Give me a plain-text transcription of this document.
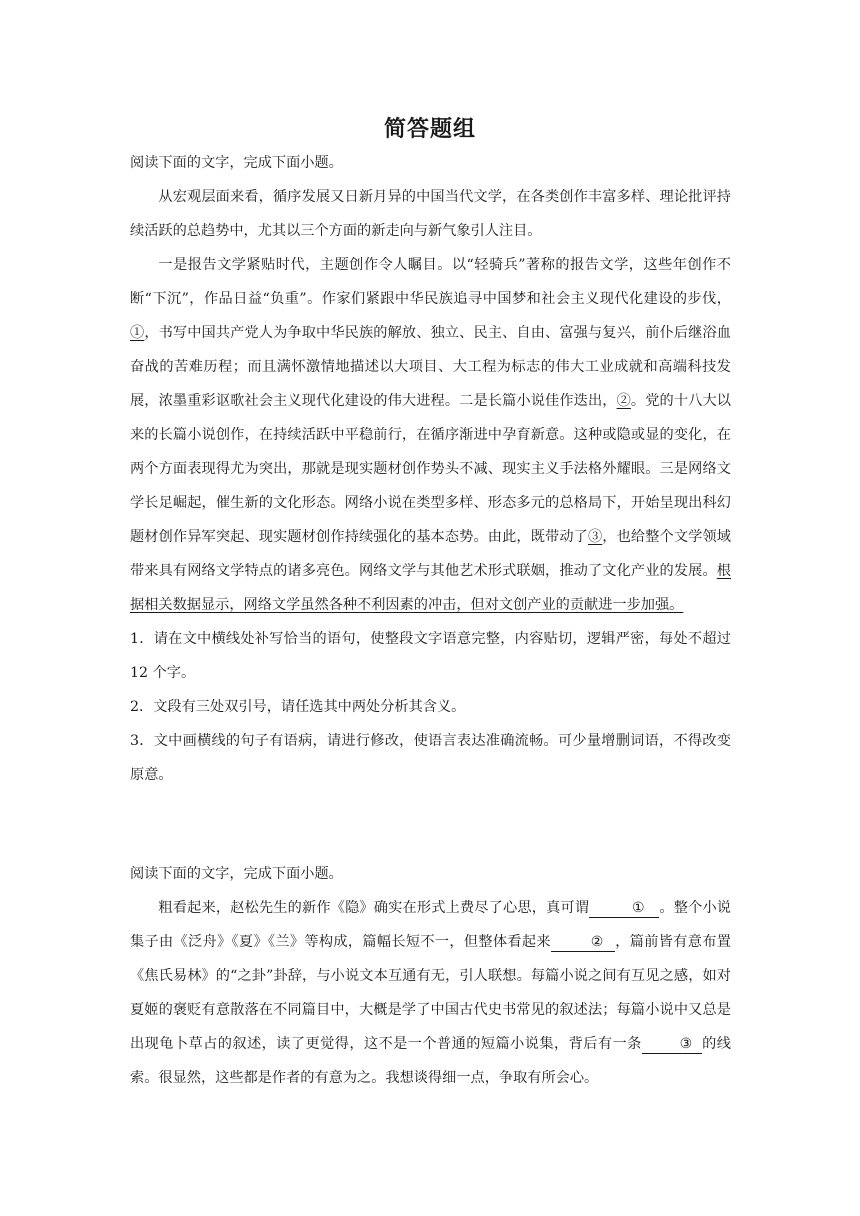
简答题组

阅读下面的文字，完成下面小题。

从宏观层面来看，循序发展又日新月异的中国当代文学，在各类创作丰富多样、理论批评持续活跃的总趋势中，尤其以三个方面的新走向与新气象引人注目。

一是报告文学紧贴时代，主题创作令人瞩目。以“轻骑兵”著称的报告文学，这些年创作不断“下沉”，作品日益“负重”。作家们紧跟中华民族追寻中国梦和社会主义现代化建设的步伐，①，书写中国共产党人为争取中华民族的解放、独立、民主、自由、富强与复兴，前仆后继浴血奋战的苦难历程；而且满怀激情地描述以大项目、大工程为标志的伟大工业成就和高端科技发展，浓墨重彩讴歌社会主义现代化建设的伟大进程。二是长篇小说佳作迭出，②。党的十八大以来的长篇小说创作，在持续活跃中平稳前行，在循序渐进中孕育新意。这种或隐或显的变化，在两个方面表现得尤为突出，那就是现实题材创作势头不减、现实主义手法格外耀眼。三是网络文学长足崛起，催生新的文化形态。网络小说在类型多样、形态多元的总格局下，开始呈现出科幻题材创作异军突起、现实题材创作持续强化的基本态势。由此，既带动了③，也给整个文学领域带来具有网络文学特点的诸多亮色。网络文学与其他艺术形式联姻，推动了文化产业的发展。根据相关数据显示，网络文学虽然各种不利因素的冲击，但对文创产业的贡献进一步加强。

1．请在文中横线处补写恰当的语句，使整段文字语意完整，内容贴切，逻辑严密，每处不超过 12 个字。

2．文段有三处双引号，请任选其中两处分析其含义。

3．文中画横线的句子有语病，请进行修改，使语言表达准确流畅。可少量增删词语，不得改变原意。

阅读下面的文字，完成下面小题。

粗看起来，赵松先生的新作《隐》确实在形式上费尽了心思，真可谓	① 。整个小说集子由《泛舟》《夏》《兰》等构成，篇幅长短不一，但整体看起来	② ，篇前皆有意布置《焦氏易林》的“之卦”卦辞，与小说文本互通有无，引人联想。每篇小说之间有互见之感，如对夏姬的褒贬有意散落在不同篇目中，大概是学了中国古代史书常见的叙述法；每篇小说中又总是出现龟卜草占的叙述，读了更觉得，这不是一个普通的短篇小说集，背后有一条	③ 的线索。很显然，这些都是作者的有意为之。我想谈得细一点，争取有所会心。
